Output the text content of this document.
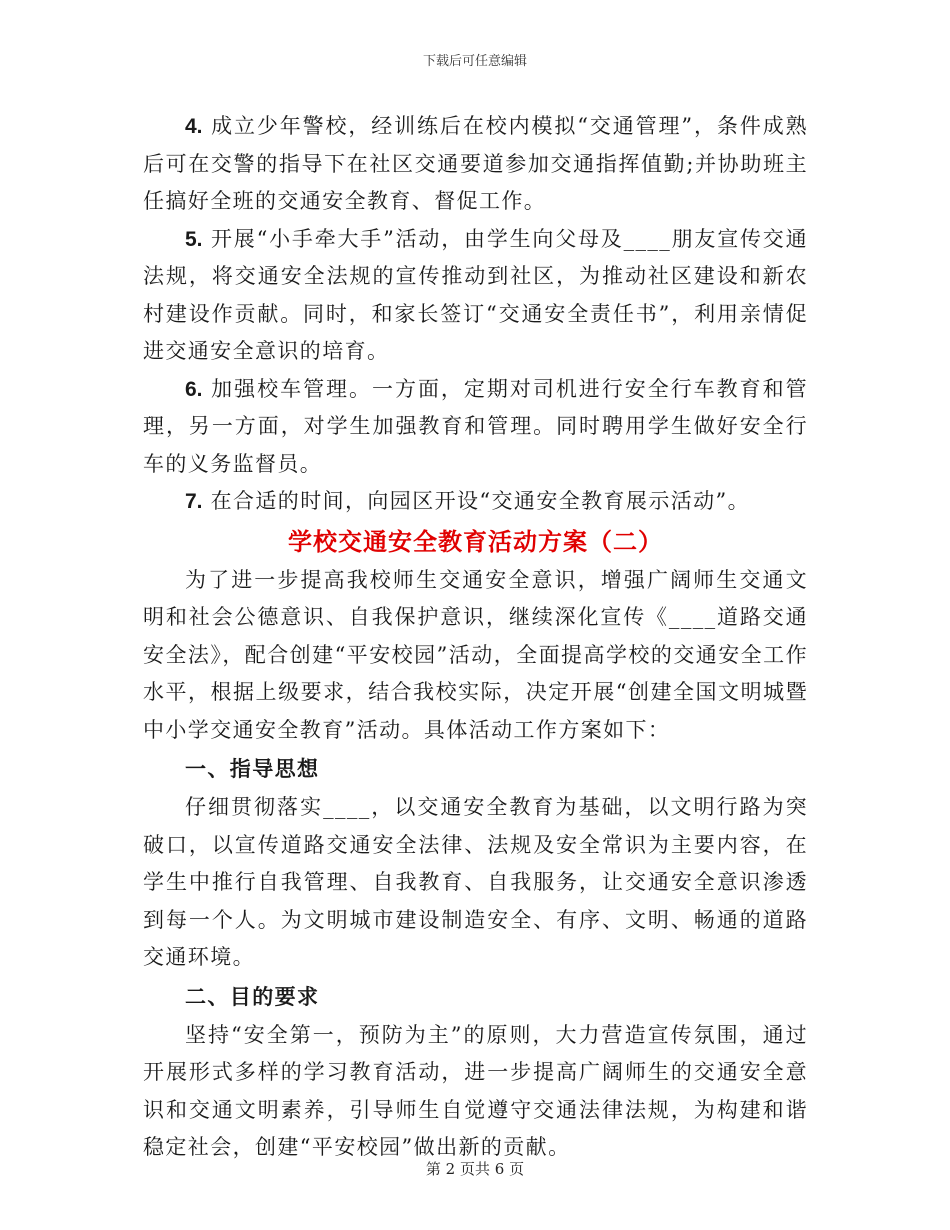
下载后可任意编辑

4. 成立少年警校，经训练后在校内模拟“交通管理”，条件成熟后可在交警的指导下在社区交通要道参加交通指挥值勤;并协助班主任搞好全班的交通安全教育、督促工作。

5. 开展“小手牵大手”活动，由学生向父母及____朋友宣传交通法规，将交通安全法规的宣传推动到社区，为推动社区建设和新农村建设作贡献。同时，和家长签订“交通安全责任书”，利用亲情促进交通安全意识的培育。

6. 加强校车管理。一方面，定期对司机进行安全行车教育和管理，另一方面，对学生加强教育和管理。同时聘用学生做好安全行车的义务监督员。

7. 在合适的时间，向园区开设“交通安全教育展示活动”。

学校交通安全教育活动方案（二）

为了进一步提高我校师生交通安全意识，增强广阔师生交通文明和社会公德意识、自我保护意识，继续深化宣传《____道路交通安全法》，配合创建“平安校园”活动，全面提高学校的交通安全工作水平，根据上级要求，结合我校实际，决定开展“创建全国文明城暨中小学交通安全教育”活动。具体活动工作方案如下：

一、指导思想

仔细贯彻落实____，以交通安全教育为基础，以文明行路为突破口，以宣传道路交通安全法律、法规及安全常识为主要内容，在学生中推行自我管理、自我教育、自我服务，让交通安全意识渗透到每一个人。为文明城市建设制造安全、有序、文明、畅通的道路交通环境。

二、目的要求

坚持“安全第一，预防为主”的原则，大力营造宣传氛围，通过开展形式多样的学习教育活动，进一步提高广阔师生的交通安全意识和交通文明素养，引导师生自觉遵守交通法律法规，为构建和谐稳定社会，创建“平安校园”做出新的贡献。

第 2 页共 6 页
